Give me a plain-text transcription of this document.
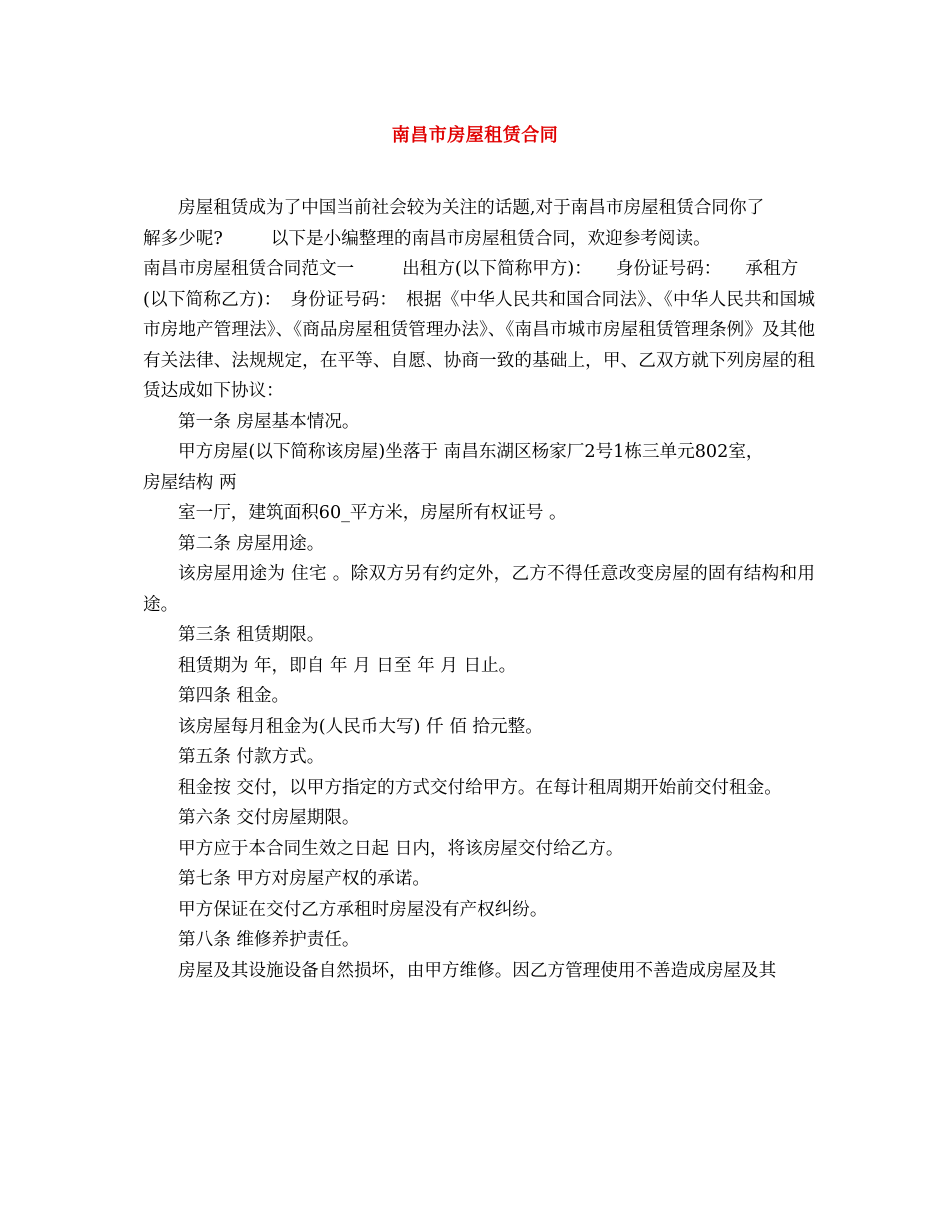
南昌市房屋租赁合同

房屋租赁成为了中国当前社会较为关注的话题,对于南昌市房屋租赁合同你了

解多少呢?	以下是小编整理的南昌市房屋租赁合同，欢迎参考阅读。

南昌市房屋租赁合同范文一	出租方(以下简称甲方)： 身份证号码： 承租方

(以下简称乙方)：　身份证号码：　根据《中华人民共和国合同法》、《中华人民共和国城市房地产管理法》、《商品房屋租赁管理办法》、《南昌市城市房屋租赁管理条例》及其他有关法律、法规规定，在平等、自愿、协商一致的基础上，甲、乙双方就下列房屋的租赁达成如下协议：

第一条 房屋基本情况。

甲方房屋(以下简称该房屋)坐落于 南昌东湖区杨家厂2号1栋三单元802室，

房屋结构 两

室一厅，建筑面积60_平方米，房屋所有权证号 。

第二条 房屋用途。

该房屋用途为 住宅 。除双方另有约定外，乙方不得任意改变房屋的固有结构和用途。

第三条 租赁期限。

租赁期为 年，即自 年 月 日至 年 月 日止。

第四条 租金。

该房屋每月租金为(人民币大写) 仟 佰 拾元整。

第五条 付款方式。

租金按 交付，以甲方指定的方式交付给甲方。在每计租周期开始前交付租金。

第六条 交付房屋期限。

甲方应于本合同生效之日起 日内，将该房屋交付给乙方。

第七条 甲方对房屋产权的承诺。

甲方保证在交付乙方承租时房屋没有产权纠纷。

第八条 维修养护责任。

房屋及其设施设备自然损坏，由甲方维修。因乙方管理使用不善造成房屋及其
